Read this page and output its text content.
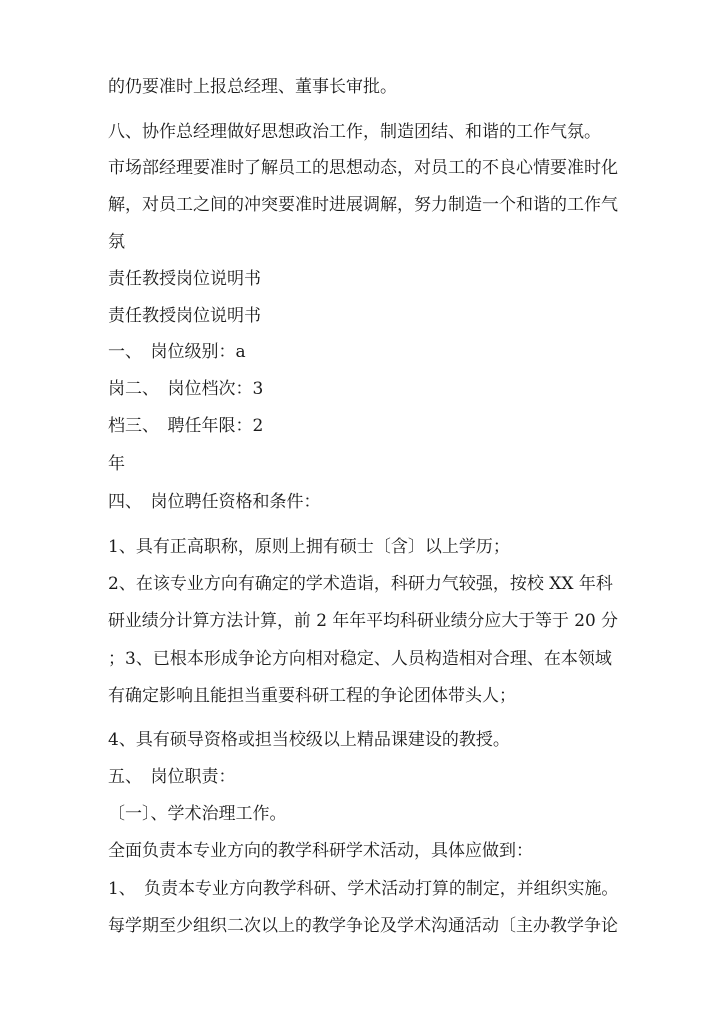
的仍要准时上报总经理、董事长审批。
八、协作总经理做好思想政治工作，制造团结、和谐的工作气氛。
市场部经理要准时了解员工的思想动态，对员工的不良心情要准时化
解，对员工之间的冲突要准时进展调解，努力制造一个和谐的工作气
氛
责任教授岗位说明书
责任教授岗位说明书
一、　岗位级别：a
岗二、　岗位档次：3
档三、　聘任年限：2
年
四、　岗位聘任资格和条件：
1、具有正高职称，原则上拥有硕士〔含〕以上学历；
2、在该专业方向有确定的学术造诣，科研力气较强，按校 XX 年科
研业绩分计算方法计算，前 2 年年平均科研业绩分应大于等于 20 分
；3、已根本形成争论方向相对稳定、人员构造相对合理、在本领域
有确定影响且能担当重要科研工程的争论团体带头人；
4、具有硕导资格或担当校级以上精品课建设的教授。
五、　岗位职责：
〔一〕、学术治理工作。
全面负责本专业方向的教学科研学术活动，具体应做到：
1、　负责本专业方向教学科研、学术活动打算的制定，并组织实施。
每学期至少组织二次以上的教学争论及学术沟通活动〔主办教学争论
